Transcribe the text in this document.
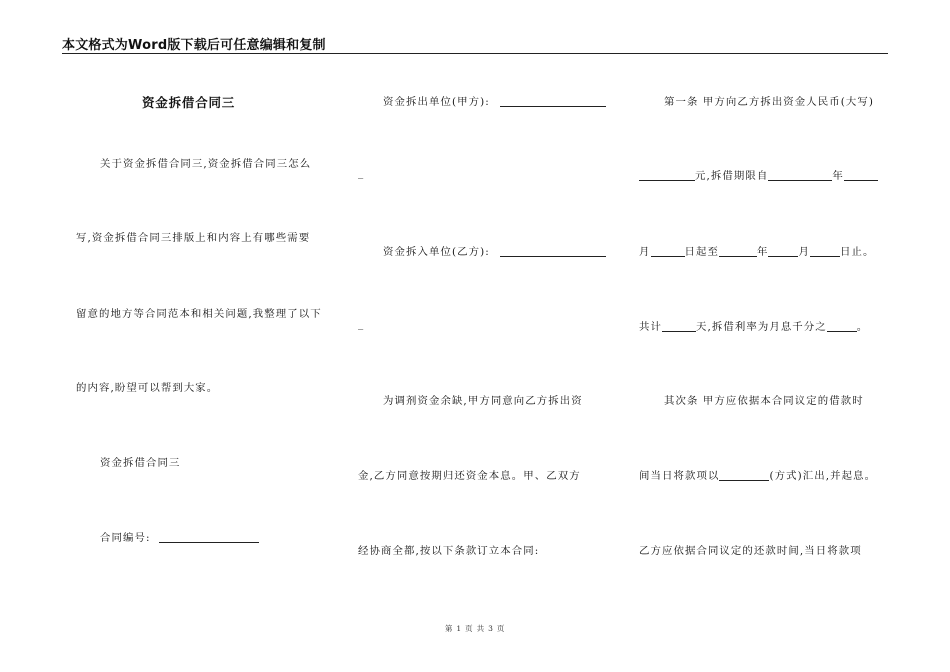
本文格式为Word版下载后可任意编辑和复制
资金拆借合同三
关于资金拆借合同三,资金拆借合同三怎么
写,资金拆借合同三排版上和内容上有哪些需要
留意的地方等合同范本和相关问题,我整理了以下
的内容,盼望可以帮到大家。
资金拆借合同三
合同编号:
资金拆出单位(甲方):
_
资金拆入单位(乙方):
_
为调剂资金余缺,甲方同意向乙方拆出资
金,乙方同意按期归还资金本息。甲、乙双方
经协商全都,按以下条款订立本合同:
第一条 甲方向乙方拆出资金人民币(大写)
元,拆借期限自	年
月	日起至	年	月	日止。
共计	天,拆借利率为月息千分之	。
其次条 甲方应依据本合同议定的借款时
间当日将款项以	(方式)汇出,并起息。
乙方应依据合同议定的还款时间,当日将款项
第 1 页 共 3 页
